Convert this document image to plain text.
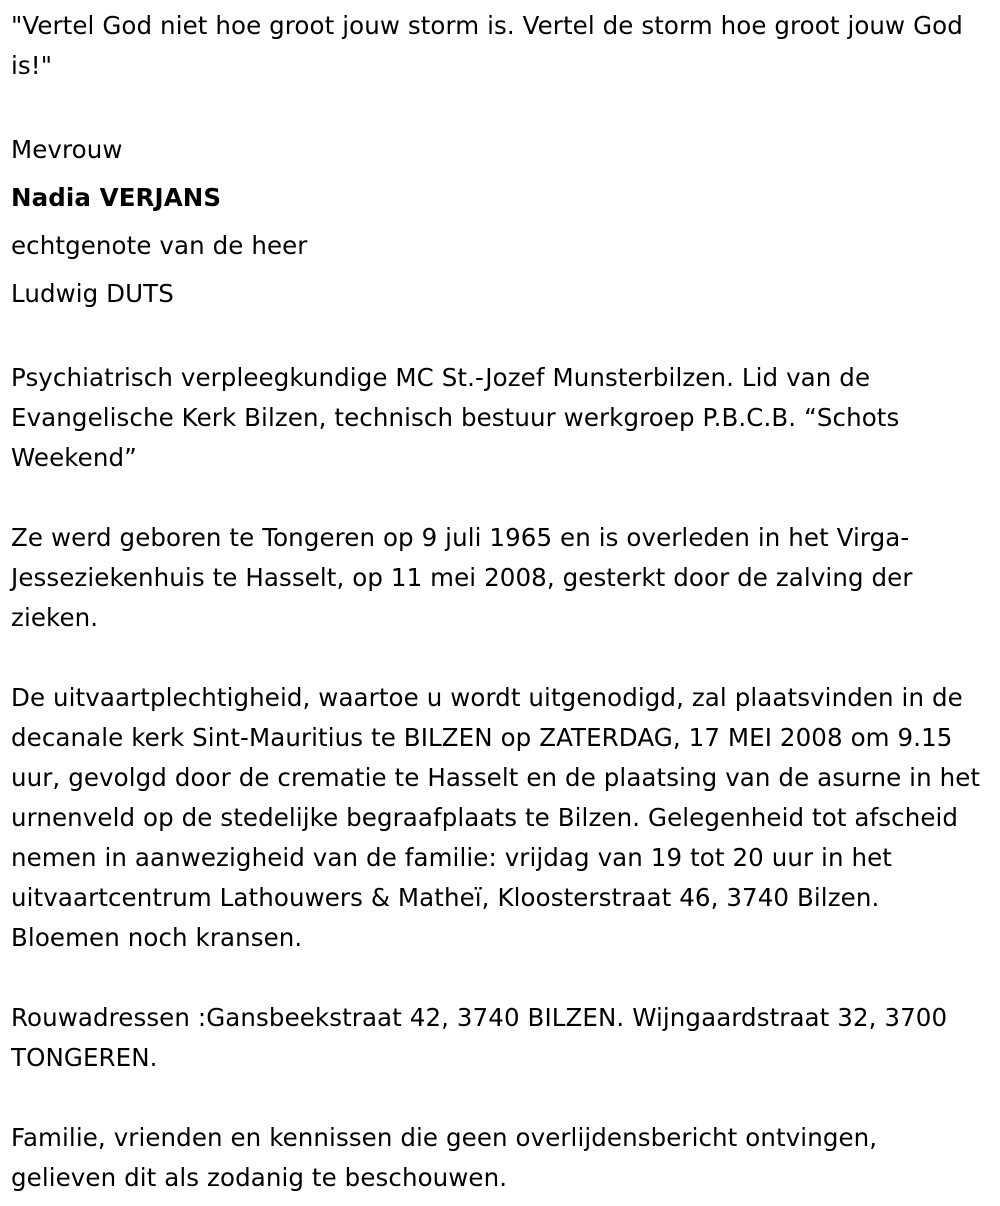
"Vertel God niet hoe groot jouw storm is. Vertel de storm hoe groot jouw God is!"

Mevrouw

Nadia VERJANS

echtgenote van de heer

Ludwig DUTS

Psychiatrisch verpleegkundige MC St.-Jozef Munsterbilzen. Lid van de Evangelische Kerk Bilzen, technisch bestuur werkgroep P.B.C.B. “Schots Weekend”

Ze werd geboren te Tongeren op 9 juli 1965 en is overleden in het Virga-Jesseziekenhuis te Hasselt, op 11 mei 2008, gesterkt door de zalving der zieken.

De uitvaartplechtigheid, waartoe u wordt uitgenodigd, zal plaatsvinden in de decanale kerk Sint-Mauritius te BILZEN op ZATERDAG, 17 MEI 2008 om 9.15 uur, gevolgd door de crematie te Hasselt en de plaatsing van de asurne in het urnenveld op de stedelijke begraafplaats te Bilzen. Gelegenheid tot afscheid nemen in aanwezigheid van de familie: vrijdag van 19 tot 20 uur in het uitvaartcentrum Lathouwers & Matheï, Kloosterstraat 46, 3740 Bilzen. Bloemen noch kransen.

Rouwadressen :Gansbeekstraat 42, 3740 BILZEN. Wijngaardstraat 32, 3700 TONGEREN.

Familie, vrienden en kennissen die geen overlijdensbericht ontvingen, gelieven dit als zodanig te beschouwen.
